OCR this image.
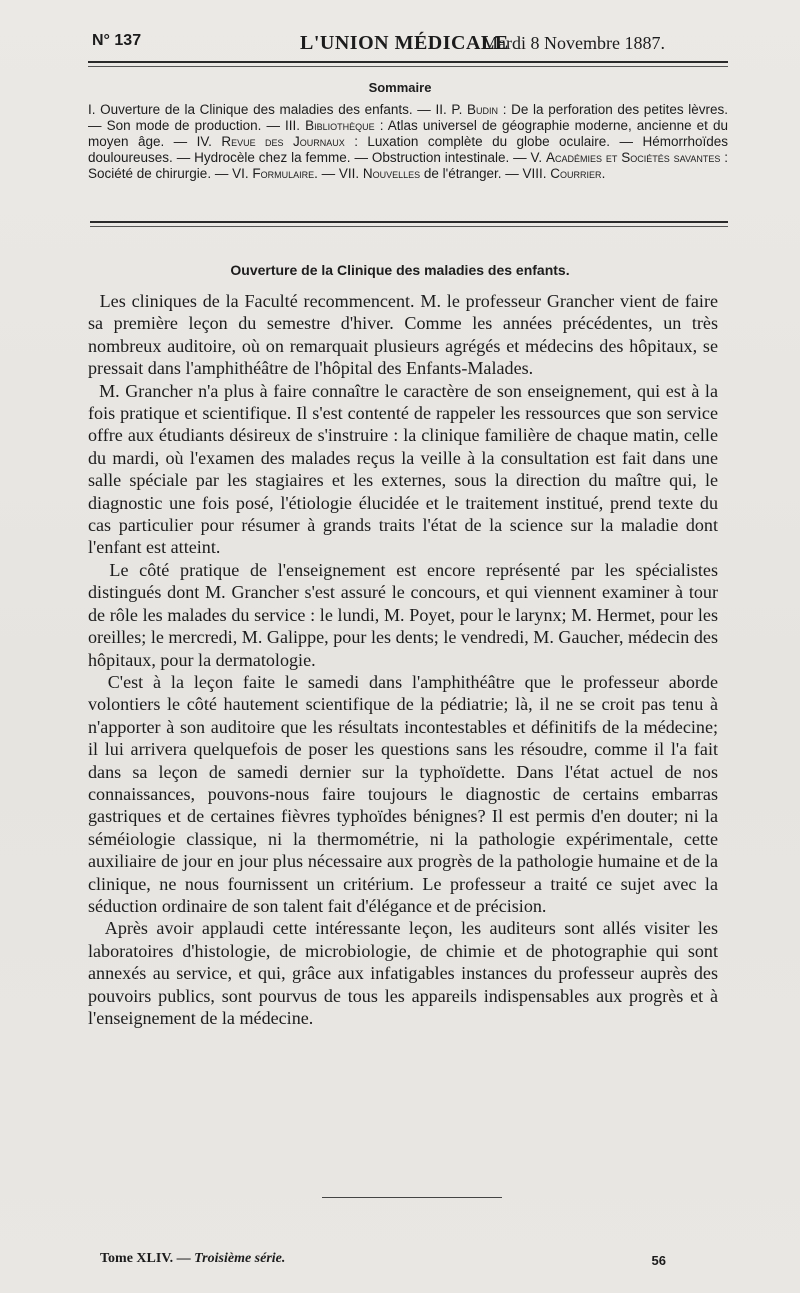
N° 137	L'UNION MÉDICALE
Mardi 8 Novembre 1887.
Sommaire
I. Ouverture de la Clinique des maladies des enfants. — II. P. Budin : De la perforation des petites lèvres. — Son mode de production. — III. Bibliothèque : Atlas universel de géographie moderne, ancienne et du moyen âge. — IV. Revue des Journaux : Luxation complète du globe oculaire. — Hémorrhoïdes douloureuses. — Hydrocèle chez la femme. — Obstruction intestinale. — V. Académies et Sociétés savantes : Société de chirurgie. — VI. Formulaire. — VII. Nouvelles de l'étranger. — VIII. Courrier.
Ouverture de la Clinique des maladies des enfants.

Les cliniques de la Faculté recommencent. M. le professeur Grancher vient de faire sa première leçon du semestre d'hiver. Comme les années précédentes, un très nombreux auditoire, où on remarquait plusieurs agrégés et médecins des hôpitaux, se pressait dans l'amphithéâtre de l'hôpital des Enfants-Malades.

M. Grancher n'a plus à faire connaître le caractère de son enseignement, qui est à la fois pratique et scientifique. Il s'est contenté de rappeler les ressources que son service offre aux étudiants désireux de s'instruire : la clinique familière de chaque matin, celle du mardi, où l'examen des malades reçus la veille à la consultation est fait dans une salle spéciale par les stagiaires et les externes, sous la direction du maître qui, le diagnostic une fois posé, l'étiologie élucidée et le traitement institué, prend texte du cas particulier pour résumer à grands traits l'état de la science sur la maladie dont l'enfant est atteint.

Le côté pratique de l'enseignement est encore représenté par les spécialistes distingués dont M. Grancher s'est assuré le concours, et qui viennent examiner à tour de rôle les malades du service : le lundi, M. Poyet, pour le larynx; M. Hermet, pour les oreilles; le mercredi, M. Galippe, pour les dents; le vendredi, M. Gaucher, médecin des hôpitaux, pour la dermatologie.

C'est à la leçon faite le samedi dans l'amphithéâtre que le professeur aborde volontiers le côté hautement scientifique de la pédiatrie; là, il ne se croit pas tenu à n'apporter à son auditoire que les résultats incontestables et définitifs de la médecine; il lui arrivera quelquefois de poser les questions sans les résoudre, comme il l'a fait dans sa leçon de samedi dernier sur la typhoïdette. Dans l'état actuel de nos connaissances, pouvons-nous faire toujours le diagnostic de certains embarras gastriques et de certaines fièvres typhoïdes bénignes? Il est permis d'en douter; ni la séméiologie classique, ni la thermométrie, ni la pathologie expérimentale, cette auxiliaire de jour en jour plus nécessaire aux progrès de la pathologie humaine et de la clinique, ne nous fournissent un critérium. Le professeur a traité ce sujet avec la séduction ordinaire de son talent fait d'élégance et de précision.

Après avoir applaudi cette intéressante leçon, les auditeurs sont allés visiter les laboratoires d'histologie, de microbiologie, de chimie et de photographie qui sont annexés au service, et qui, grâce aux infatigables instances du professeur auprès des pouvoirs publics, sont pourvus de tous les appareils indispensables aux progrès et à l'enseignement de la médecine.

Tome XLIV. — Troisième série.	56
